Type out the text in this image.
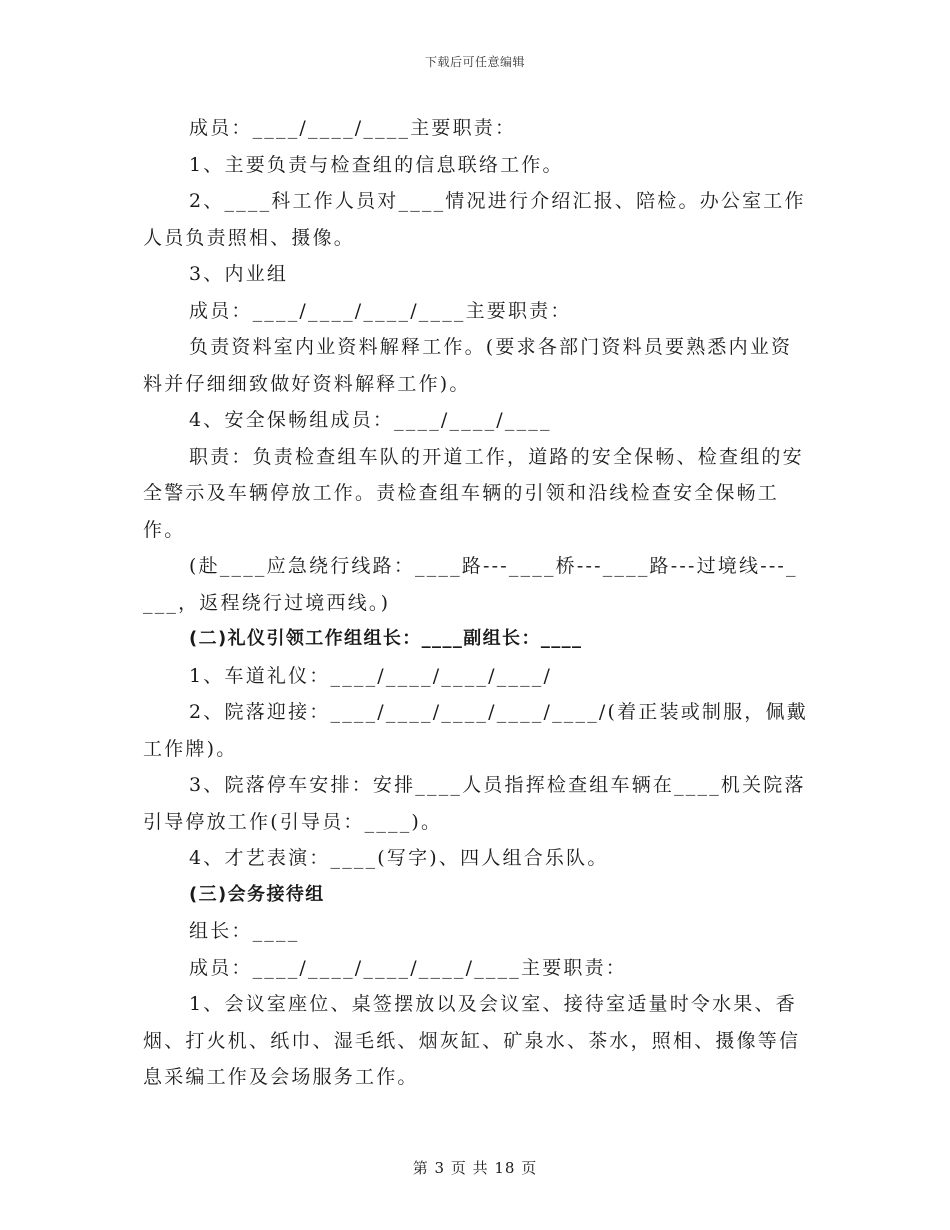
下载后可任意编辑

成员：____/____/____主要职责：

1、主要负责与检查组的信息联络工作。

2、____科工作人员对____情况进行介绍汇报、陪检。办公室工作人员负责照相、摄像。

3、内业组

成员：____/____/____/____主要职责：

负责资料室内业资料解释工作。(要求各部门资料员要熟悉内业资料并仔细细致做好资料解释工作)。

4、安全保畅组成员：____/____/____

职责：负责检查组车队的开道工作，道路的安全保畅、检查组的安全警示及车辆停放工作。责检查组车辆的引领和沿线检查安全保畅工作。

(赴____应急绕行线路：____路---____桥---____路---过境线---____，返程绕行过境西线。)

(二)礼仪引领工作组组长：____副组长：____

1、车道礼仪：____/____/____/____/

2、院落迎接：____/____/____/____/____/(着正装或制服，佩戴工作牌)。

3、院落停车安排：安排____人员指挥检查组车辆在____机关院落引导停放工作(引导员：____)。

4、才艺表演：____(写字)、四人组合乐队。

(三)会务接待组

组长：____

成员：____/____/____/____/____主要职责：

1、会议室座位、桌签摆放以及会议室、接待室适量时令水果、香烟、打火机、纸巾、湿毛纸、烟灰缸、矿泉水、茶水，照相、摄像等信息采编工作及会场服务工作。

第 3 页 共 18 页
